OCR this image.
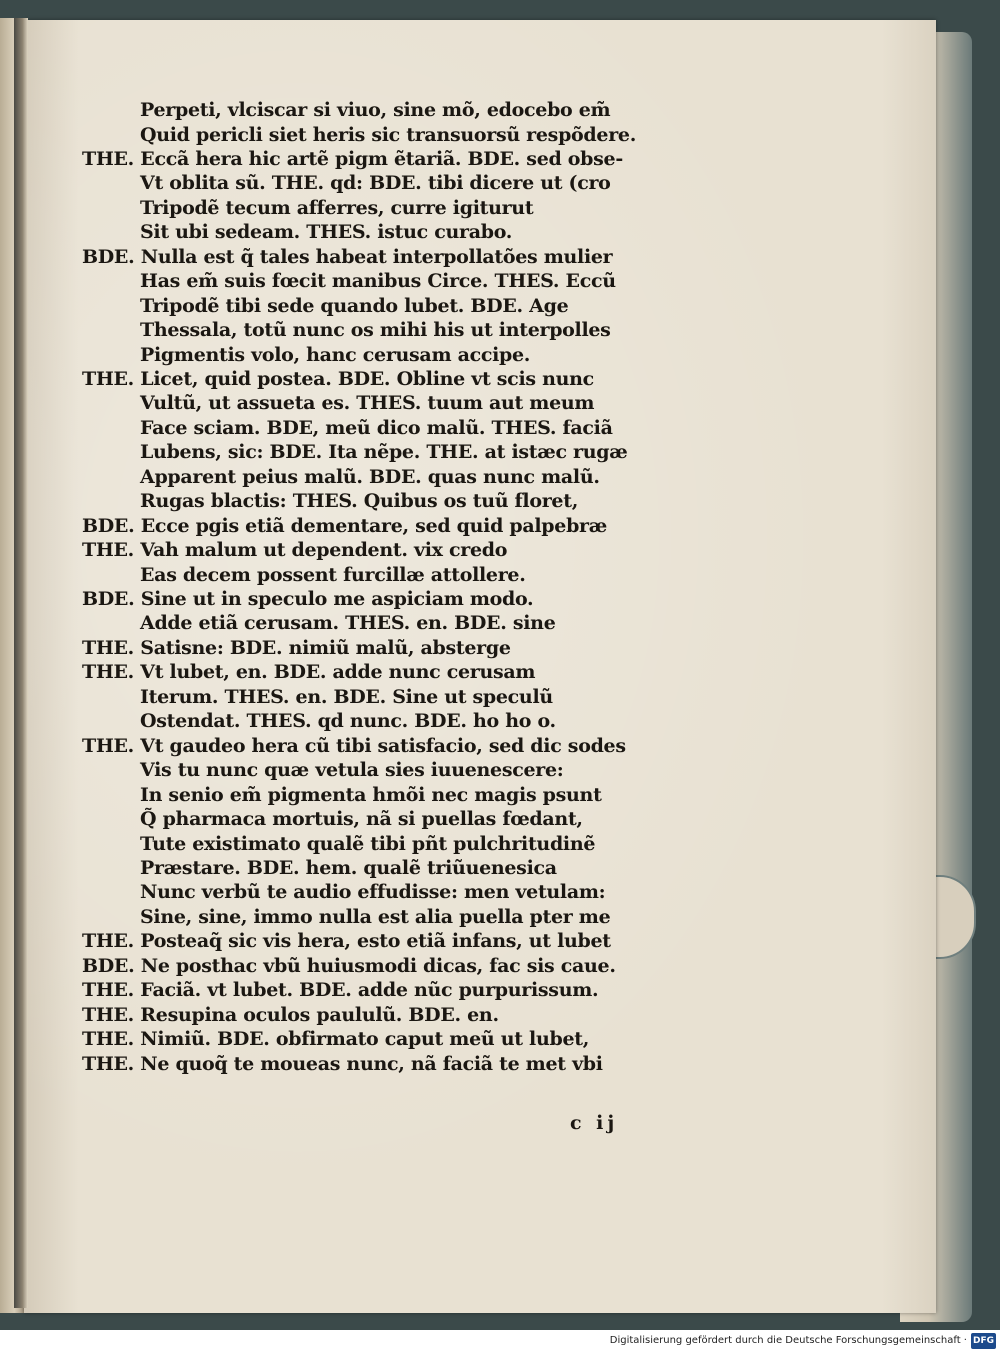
Perpeti, vlciscar si viuo, sine mõ, edocebo em̃
Quid pericli siet heris sic transuorsũ respõdere.
THE. Eccã hera hic artẽ pigm ẽtariã. BDE. sed obse-
Vt oblita sũ. THE. qd: BDE. tibi dicere ut (cro
Tripodẽ tecum afferres, curre igiturut
Sit ubi sedeam. THES. istuc curabo.
BDE. Nulla est q̃ tales habeat interpollatões mulier
Has em̃ suis fœcit manibus Circe. THES. Eccũ
Tripodẽ tibi sede quando lubet. BDE. Age
Thessala, totũ nunc os mihi his ut interpolles
Pigmentis volo, hanc cerusam accipe.
THE. Licet, quid postea. BDE. Obline vt scis nunc
Vultũ, ut assueta es. THES. tuum aut meum
Face sciam. BDE, meũ dico malũ. THES. faciã
Lubens, sic: BDE. Ita nẽpe. THE. at istæc rugæ
Apparent peius malũ. BDE. quas nunc malũ.
Rugas blactis: THES. Quibus os tuũ floret,
BDE. Ecce pgis etiã dementare, sed quid palpebræ
THE. Vah malum ut dependent. vix credo
Eas decem possent furcillæ attollere.
BDE. Sine ut in speculo me aspiciam modo.
Adde etiã cerusam. THES. en. BDE. sine
THE. Satisne: BDE. nimiũ malũ, absterge
THE. Vt lubet, en. BDE. adde nunc cerusam
Iterum. THES. en. BDE. Sine ut speculũ
Ostendat. THES. qd nunc. BDE. ho ho o.
THE. Vt gaudeo hera cũ tibi satisfacio, sed dic sodes
Vis tu nunc quæ vetula sies iuuenescere:
In senio em̃ pigmenta hmõi nec magis psunt
Q̃ pharmaca mortuis, nã si puellas fœdant,
Tute existimato qualẽ tibi pñt pulchritudinẽ
Præstare. BDE. hem. qualẽ triũuenesica
Nunc verbũ te audio effudisse: men vetulam:
Sine, sine, immo nulla est alia puella pter me
THE. Posteaq̃ sic vis hera, esto etiã infans, ut lubet
BDE. Ne posthac vbũ huiusmodi dicas, fac sis caue.
THE. Faciã. vt lubet. BDE. adde nũc purpurissum.
THE. Resupina oculos paululũ. BDE. en.
THE. Nimiũ. BDE. obfirmato caput meũ ut lubet,
THE. Ne quoq̃ te moueas nunc, nã faciã te met vbi
c ij
Digitalisierung gefördert durch die Deutsche Forschungsgemeinschaft · DFG
